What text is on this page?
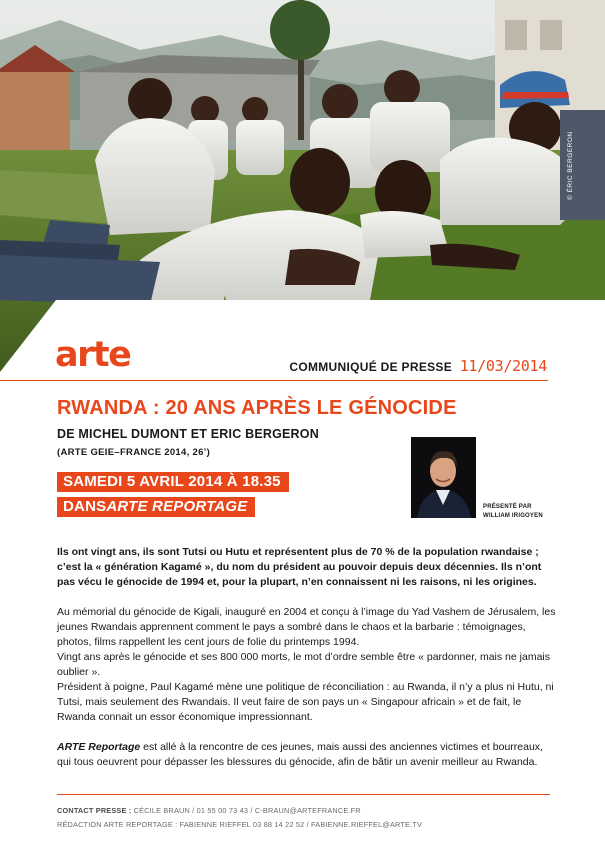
© ÉRIC BERGERON
arte	COMMUNIQUÉ DE PRESSE 11/03/2014
RWANDA : 20 ANS APRÈS LE GÉNOCIDE
DE MICHEL DUMONT ET ERIC BERGERON
(ARTE GEIE–FRANCE 2014, 26’)
SAMEDI 5 AVRIL 2014 À 18.35
DANSARTE REPORTAGE	PRÉSENTÉ PAR
WILLIAM IRIGOYEN

Ils ont vingt ans, ils sont Tutsi ou Hutu et représentent plus de 70 % de la population rwandaise ; c’est la « génération Kagamé », du nom du président au pouvoir depuis deux décennies. Ils n’ont pas vécu le génocide de 1994 et, pour la plupart, n’en connaissent ni les raisons, ni les origines.

Au mémorial du génocide de Kigali, inauguré en 2004 et conçu à l’image du Yad Vashem de Jérusalem, les jeunes Rwandais apprennent comment le pays a sombré dans le chaos et la barbarie : témoignages, photos, films rappellent les cent jours de folie du printemps 1994.

Vingt ans après le génocide et ses 800 000 morts, le mot d’ordre semble être « pardonner, mais ne jamais oublier ».

Président à poigne, Paul Kagamé mène une politique de réconciliation : au Rwanda, il n’y a plus ni Hutu, ni Tutsi, mais seulement des Rwandais. Il veut faire de son pays un « Singapour africain » et de fait, le Rwanda connait un essor économique impressionnant.

ARTE Reportage est allé à la rencontre de ces jeunes, mais aussi des anciennes victimes et bourreaux, qui tous oeuvrent pour dépasser les blessures du génocide, afin de bâtir un avenir meilleur au Rwanda.

CONTACT PRESSE : CÉCILE BRAUN / 01 55 00 73 43 / C-BRAUN@ARTEFRANCE.FR
RÉDACTION ARTE REPORTAGE : FABIENNE RIEFFEL 03 88 14 22 52 / FABIENNE.RIEFFEL@ARTE.TV
